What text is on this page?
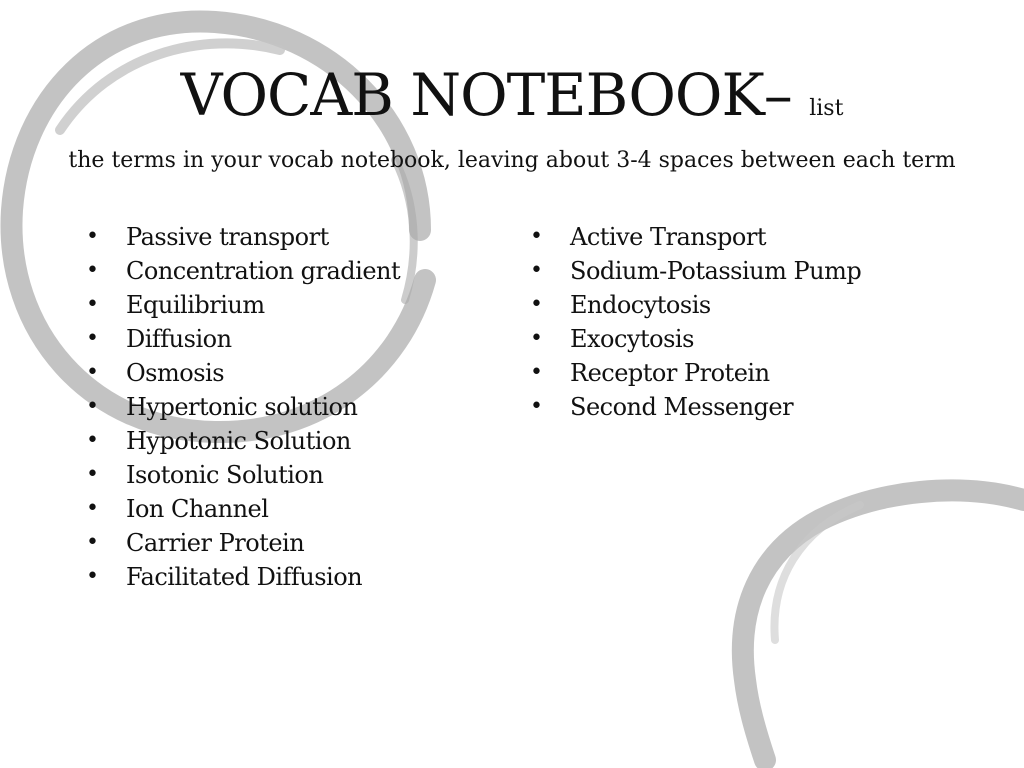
VOCAB NOTEBOOK– list
the terms in your vocab notebook, leaving about 3-4 spaces between each term
• Passive transport
• Concentration gradient
• Equilibrium
• Diffusion
• Osmosis
• Hypertonic solution
• Hypotonic Solution
• Isotonic Solution
• Ion Channel
• Carrier Protein
• Facilitated Diffusion
• Active Transport
• Sodium-Potassium Pump
• Endocytosis
• Exocytosis
• Receptor Protein
• Second Messenger
